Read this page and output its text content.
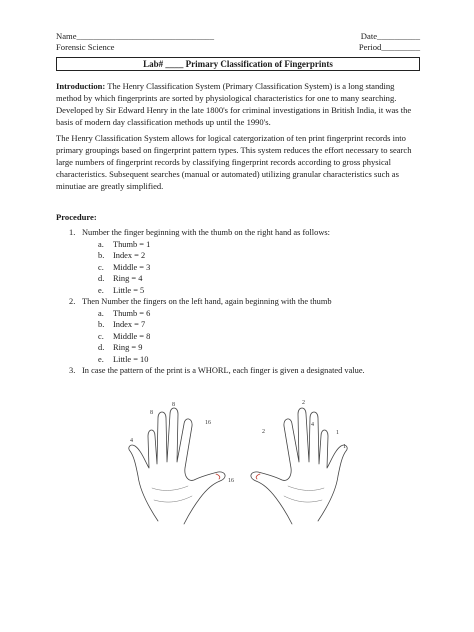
Name________________________________	Date__________
Forensic Science	Period_________
Lab# ____ Primary Classification of Fingerprints
Introduction: The Henry Classification System (Primary Classification System) is a long standing method by which fingerprints are sorted by physiological characteristics for one to many searching. Developed by Sir Edward Henry in the late 1800's for criminal investigations in British India, it was the basis of modern day classification methods up until the 1990's.
The Henry Classification System allows for logical catergorization of ten print fingerprint records into primary groupings based on fingerprint pattern types. This system reduces the effort necessary to search large numbers of fingerprint records by classifying fingerprint records according to gross physical characteristics. Subsequent searches (manual or automated) utilizing granular characteristics such as minutiae are greatly simplified.
Procedure:
1. Number the finger beginning with the thumb on the right hand as follows:
a. Thumb = 1
b. Index = 2
c. Middle = 3
d. Ring = 4
e. Little = 5
2. Then Number the fingers on the left hand, again beginning with the thumb
a. Thumb = 6
b. Index = 7
c. Middle = 8
d. Ring = 9
e. Little = 10
3. In case the pattern of the print is a WHORL, each finger is given a designated value.
4
8
8
16
16
2
2
4
1
1
